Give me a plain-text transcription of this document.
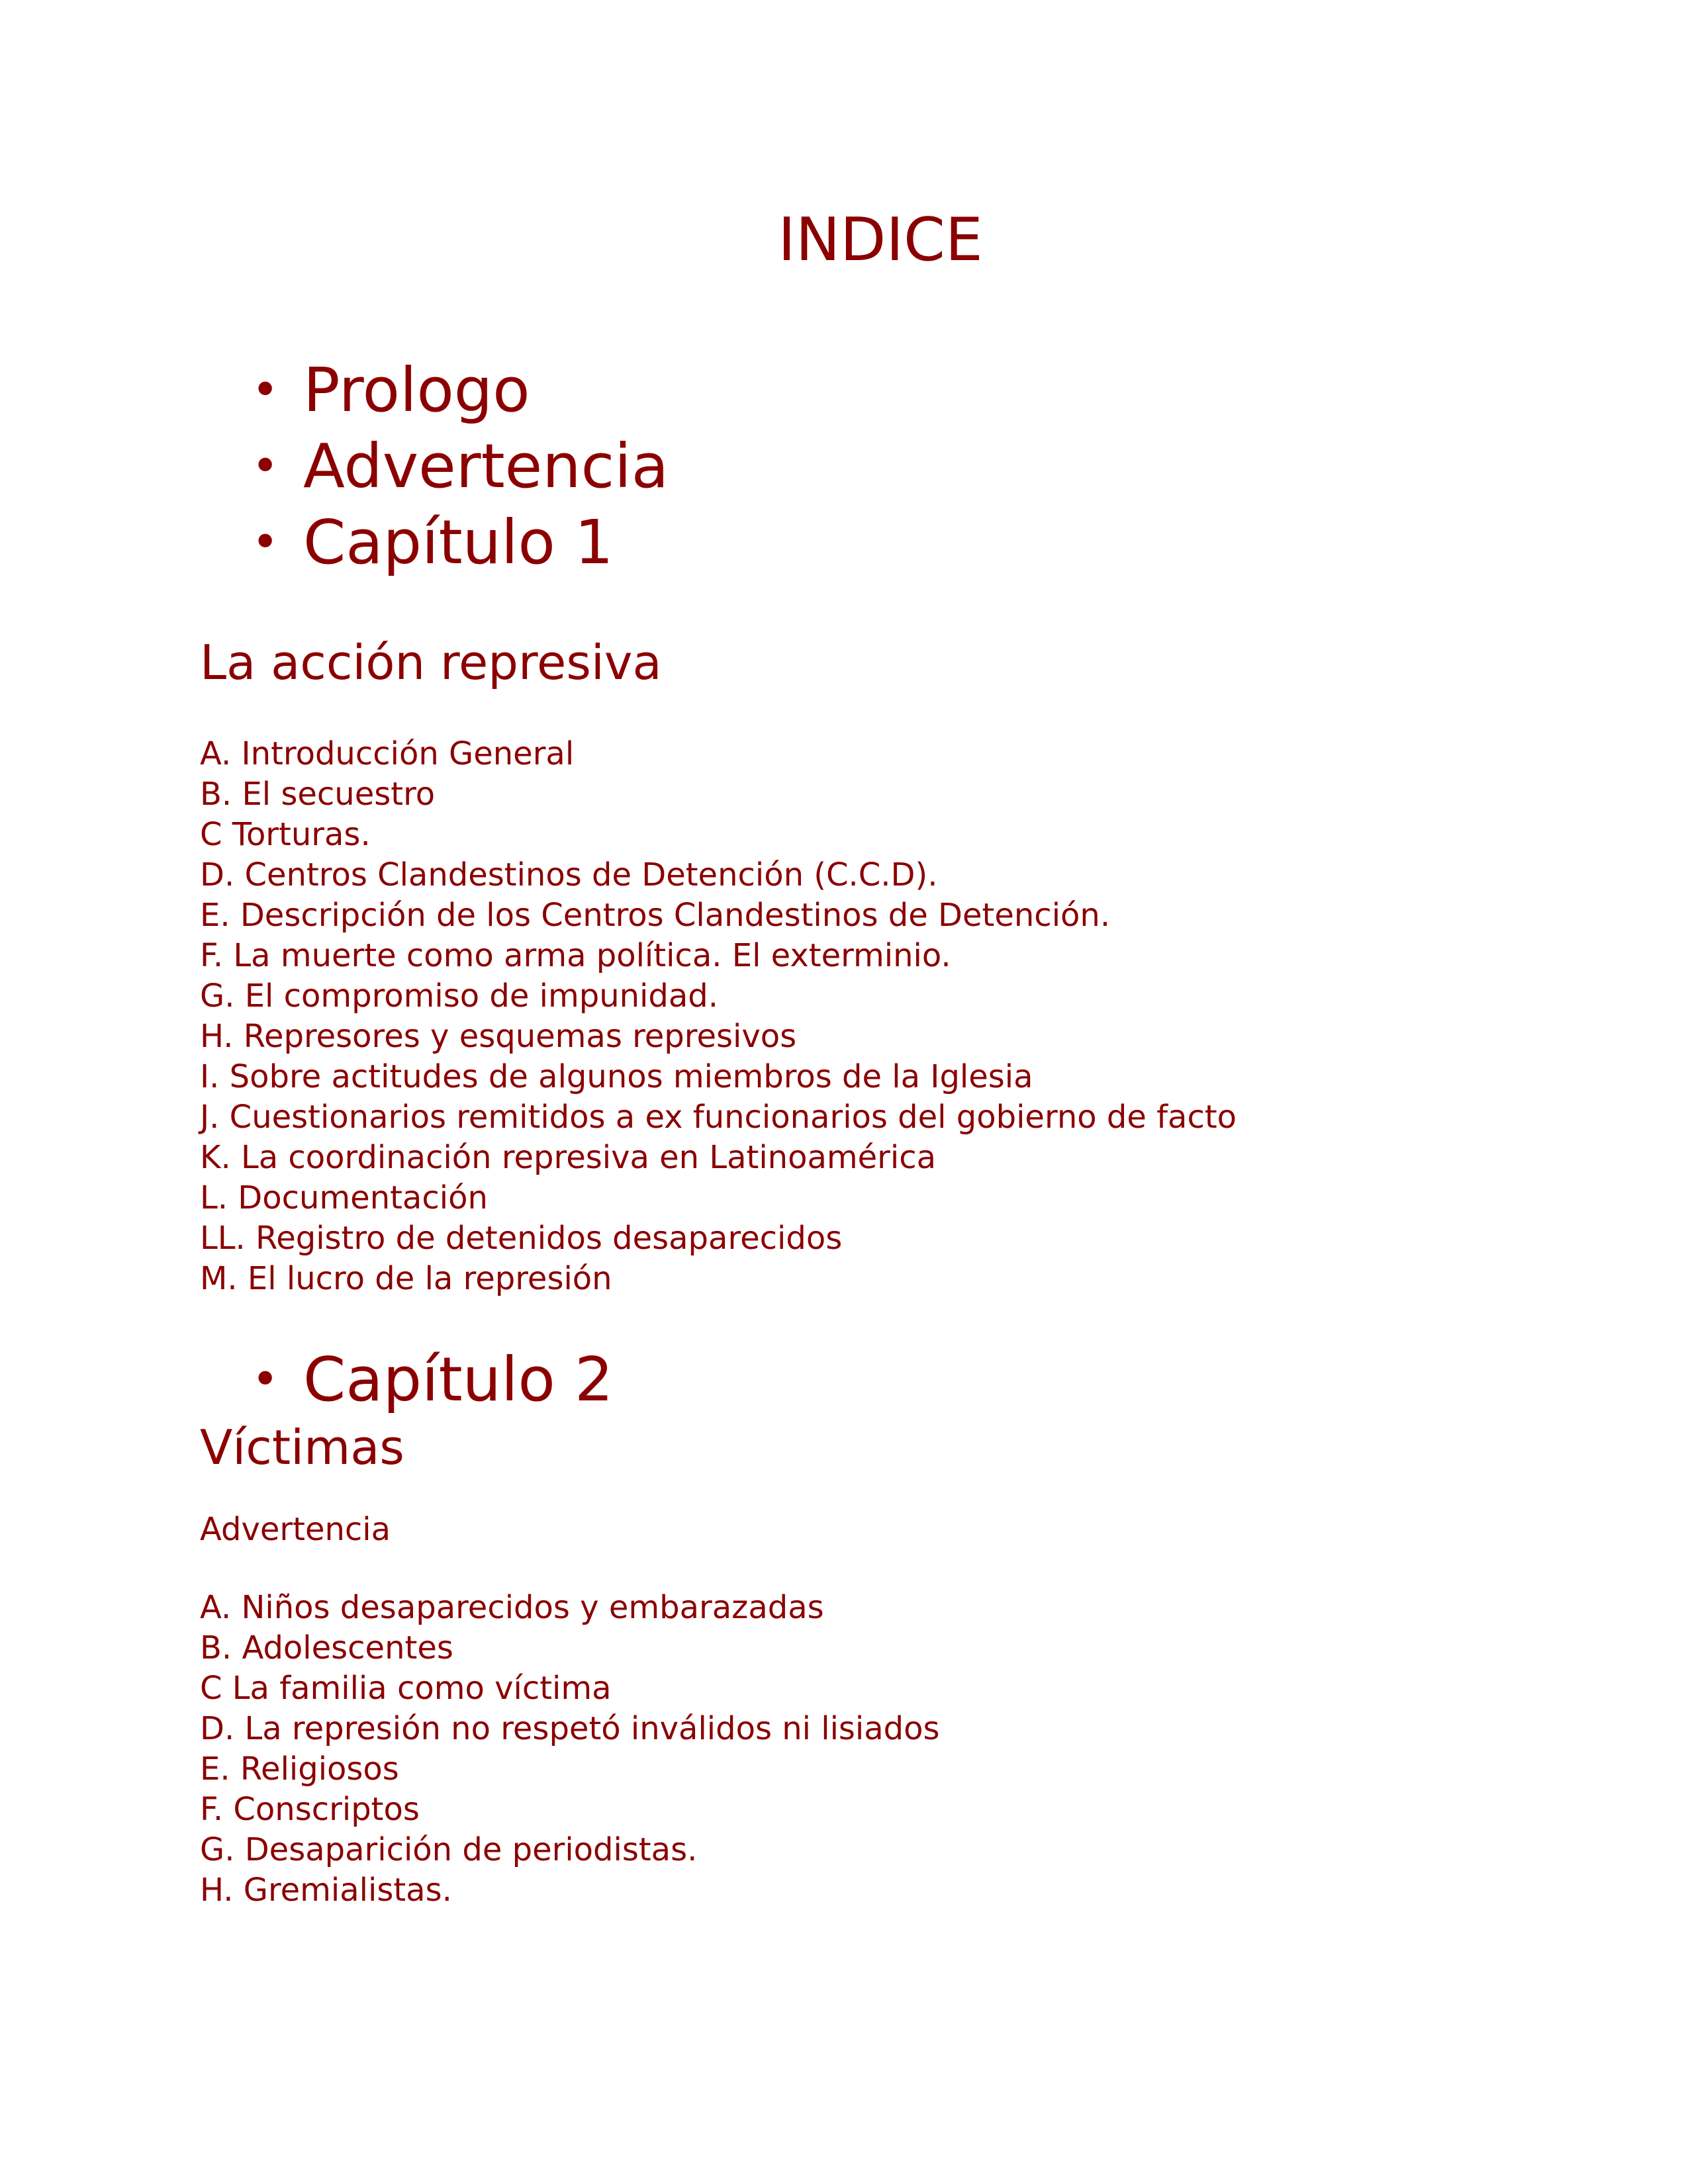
INDICE
• Prologo
• Advertencia
• Capítulo 1
La acción represiva
A. Introducción General
B. El secuestro
C Torturas.
D. Centros Clandestinos de Detención (C.C.D).
E. Descripción de los Centros Clandestinos de Detención.
F. La muerte como arma política. El exterminio.
G. El compromiso de impunidad.
H. Represores y esquemas represivos
I. Sobre actitudes de algunos miembros de la Iglesia
J. Cuestionarios remitidos a ex funcionarios del gobierno de facto
K. La coordinación represiva en Latinoamérica
L. Documentación
LL. Registro de detenidos desaparecidos
M. El lucro de la represión
• Capítulo 2
Víctimas
Advertencia
A. Niños desaparecidos y embarazadas
B. Adolescentes
C La familia como víctima
D. La represión no respetó inválidos ni lisiados
E. Religiosos
F. Conscriptos
G. Desaparición de periodistas.
H. Gremialistas.
